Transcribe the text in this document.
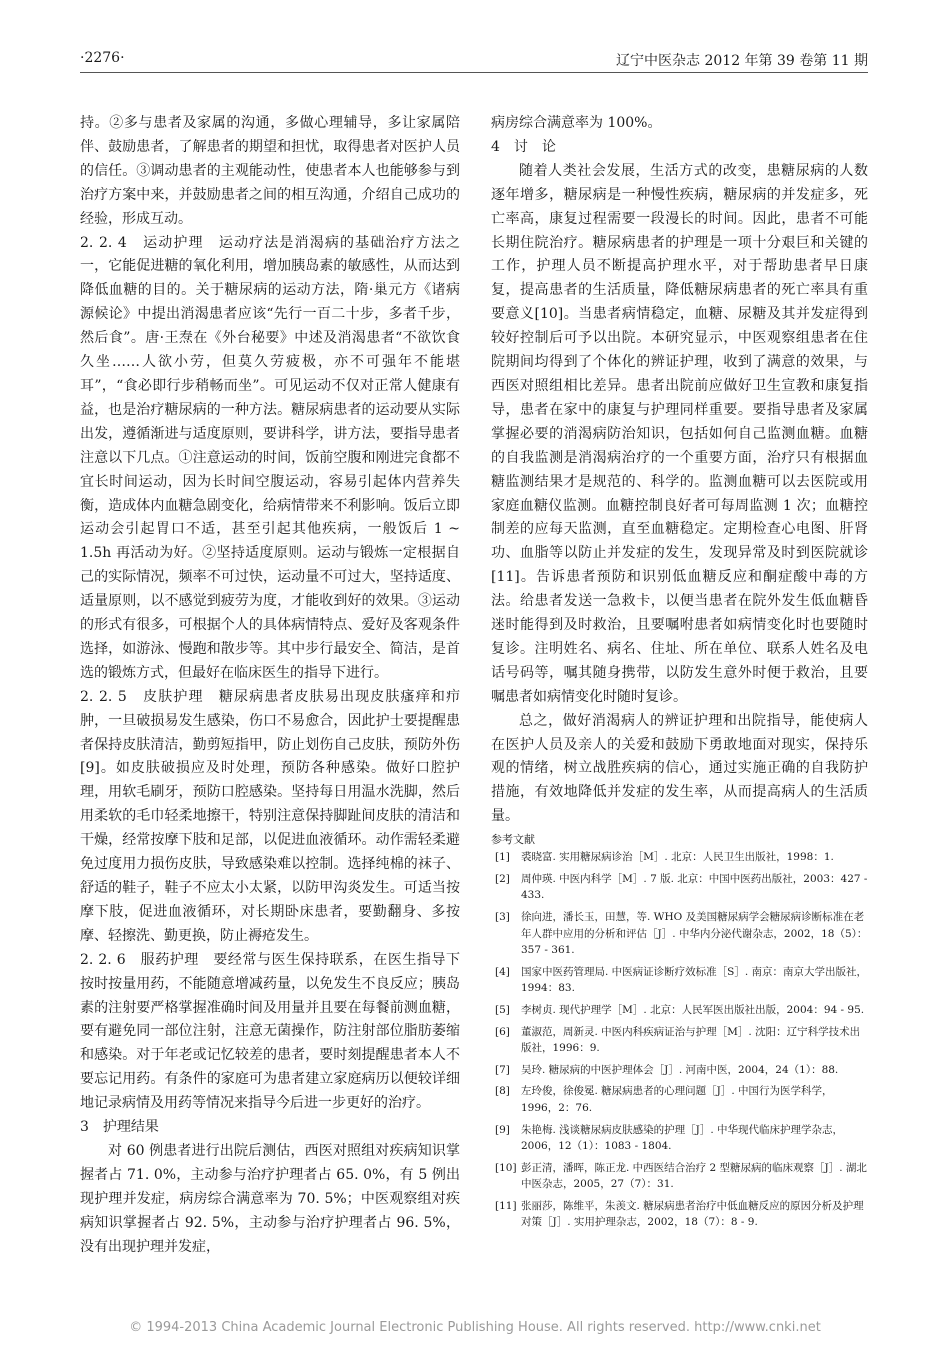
·2276·	辽宁中医杂志 2012 年第 39 卷第 11 期

持。②多与患者及家属的沟通，多做心理辅导，多让家属陪伴、鼓励患者，了解患者的期望和担忧，取得患者对医护人员的信任。③调动患者的主观能动性，使患者本人也能够参与到治疗方案中来，并鼓励患者之间的相互沟通，介绍自己成功的经验，形成互动。

2. 2. 4　运动护理　运动疗法是消渴病的基础治疗方法之一，它能促进糖的氧化利用，增加胰岛素的敏感性，从而达到降低血糖的目的。关于糖尿病的运动方法，隋·巢元方《诸病源候论》中提出消渴患者应该“先行一百二十步，多者千步，然后食”。唐·王焘在《外台秘要》中述及消渴患者“不欲饮食久坐……人欲小劳，但莫久劳疲极，亦不可强年不能堪耳”，“食必即行步稍畅而坐”。可见运动不仅对正常人健康有益，也是治疗糖尿病的一种方法。糖尿病患者的运动要从实际出发，遵循渐进与适度原则，要讲科学，讲方法，要指导患者注意以下几点。①注意运动的时间，饭前空腹和刚进完食都不宜长时间运动，因为长时间空腹运动，容易引起体内营养失衡，造成体内血糖急剧变化，给病情带来不利影响。饭后立即运动会引起胃口不适，甚至引起其他疾病，一般饭后 1 ~ 1.5h 再活动为好。②坚持适度原则。运动与锻炼一定根据自己的实际情况，频率不可过快，运动量不可过大，坚持适度、适量原则，以不感觉到疲劳为度，才能收到好的效果。③运动的形式有很多，可根据个人的具体病情特点、爱好及客观条件选择，如游泳、慢跑和散步等。其中步行最安全、简洁，是首选的锻炼方式，但最好在临床医生的指导下进行。

2. 2. 5　皮肤护理　糖尿病患者皮肤易出现皮肤瘙痒和疖肿，一旦破损易发生感染，伤口不易愈合，因此护士要提醒患者保持皮肤清洁，勤剪短指甲，防止划伤自己皮肤，预防外伤[9]。如皮肤破损应及时处理，预防各种感染。做好口腔护理，用软毛刷牙，预防口腔感染。坚持每日用温水洗脚，然后用柔软的毛巾轻柔地擦干，特别注意保持脚趾间皮肤的清洁和干燥，经常按摩下肢和足部，以促进血液循环。动作需轻柔避免过度用力损伤皮肤，导致感染难以控制。选择纯棉的袜子、舒适的鞋子，鞋子不应太小太紧，以防甲沟炎发生。可适当按摩下肢，促进血液循环，对长期卧床患者，要勤翻身、多按摩、轻擦洗、勤更换，防止褥疮发生。

2. 2. 6　服药护理　要经常与医生保持联系，在医生指导下按时按量用药，不能随意增减药量，以免发生不良反应；胰岛素的注射要严格掌握准确时间及用量并且要在每餐前测血糖，要有避免同一部位注射，注意无菌操作，防注射部位脂肪萎缩和感染。对于年老或记忆较差的患者，要时刻提醒患者本人不要忘记用药。有条件的家庭可为患者建立家庭病历以便较详细地记录病情及用药等情况来指导今后进一步更好的治疗。

3　护理结果

对 60 例患者进行出院后测估，西医对照组对疾病知识掌握者占 71. 0%，主动参与治疗护理者占 65. 0%，有 5 例出现护理并发症，病房综合满意率为 70. 5%；中医观察组对疾病知识掌握者占 92. 5%，主动参与治疗护理者占 96. 5%，没有出现护理并发症，

病房综合满意率为 100%。

4　讨　论

随着人类社会发展，生活方式的改变，患糖尿病的人数逐年增多，糖尿病是一种慢性疾病，糖尿病的并发症多，死亡率高，康复过程需要一段漫长的时间。因此，患者不可能长期住院治疗。糖尿病患者的护理是一项十分艰巨和关键的工作，护理人员不断提高护理水平，对于帮助患者早日康复，提高患者的生活质量，降低糖尿病患者的死亡率具有重要意义[10]。当患者病情稳定，血糖、尿糖及其并发症得到较好控制后可予以出院。本研究显示，中医观察组患者在住院期间均得到了个体化的辨证护理，收到了满意的效果，与西医对照组相比差异。患者出院前应做好卫生宣教和康复指导，患者在家中的康复与护理同样重要。要指导患者及家属掌握必要的消渴病防治知识，包括如何自己监测血糖。血糖的自我监测是消渴病治疗的一个重要方面，治疗只有根据血糖监测结果才是规范的、科学的。监测血糖可以去医院或用家庭血糖仪监测。血糖控制良好者可每周监测 1 次；血糖控制差的应每天监测，直至血糖稳定。定期检查心电图、肝肾功、血脂等以防止并发症的发生，发现异常及时到医院就诊[11]。告诉患者预防和识别低血糖反应和酮症酸中毒的方法。给患者发送一急救卡，以便当患者在院外发生低血糖昏迷时能得到及时救治，且要嘱咐患者如病情变化时也要随时复诊。注明姓名、病名、住址、所在单位、联系人姓名及电话号码等，嘱其随身携带，以防发生意外时便于救治，且要嘱患者如病情变化时随时复诊。

总之，做好消渴病人的辨证护理和出院指导，能使病人在医护人员及亲人的关爱和鼓励下勇敢地面对现实，保持乐观的情绪，树立战胜疾病的信心，通过实施正确的自我防护措施，有效地降低并发症的发生率，从而提高病人的生活质量。

参考文献
[1] 裘晓富. 实用糖尿病诊治［M］. 北京：人民卫生出版社，1998：1.
[2] 周仲瑛. 中医内科学［M］. 7 版. 北京：中国中医药出版社，2003：427 - 433.
[3] 徐向进，潘长玉，田慧，等. WHO 及美国糖尿病学会糖尿病诊断标准在老年人群中应用的分析和评估［J］. 中华内分泌代谢杂志，2002，18（5）：357 - 361.
[4] 国家中医药管理局. 中医病证诊断疗效标准［S］. 南京：南京大学出版社，1994：83.
[5] 李树贞. 现代护理学［M］. 北京：人民军医出版社出版，2004：94 - 95.
[6] 董淑范，周新灵. 中医内科疾病证治与护理［M］. 沈阳：辽宁科学技术出版社，1996：9.
[7] 吴玲. 糖尿病的中医护理体会［J］. 河南中医，2004，24（1）：88.
[8] 左玲俊，徐俊冕. 糖尿病患者的心理问题［J］. 中国行为医学科学，1996，2：76.
[9] 朱艳梅. 浅谈糖尿病皮肤感染的护理［J］. 中华现代临床护理学杂志，2006，12（1）：1083 - 1804.
[10] 彭正清，潘晖，陈正龙. 中西医结合治疗 2 型糖尿病的临床观察［J］. 湖北中医杂志，2005，27（7）：31.
[11] 张丽莎，陈维平，朱羡文. 糖尿病患者治疗中低血糖反应的原因分析及护理对策［J］. 实用护理杂志，2002，18（7）：8 - 9.
© 1994-2013 China Academic Journal Electronic Publishing House. All rights reserved. http://www.cnki.net
